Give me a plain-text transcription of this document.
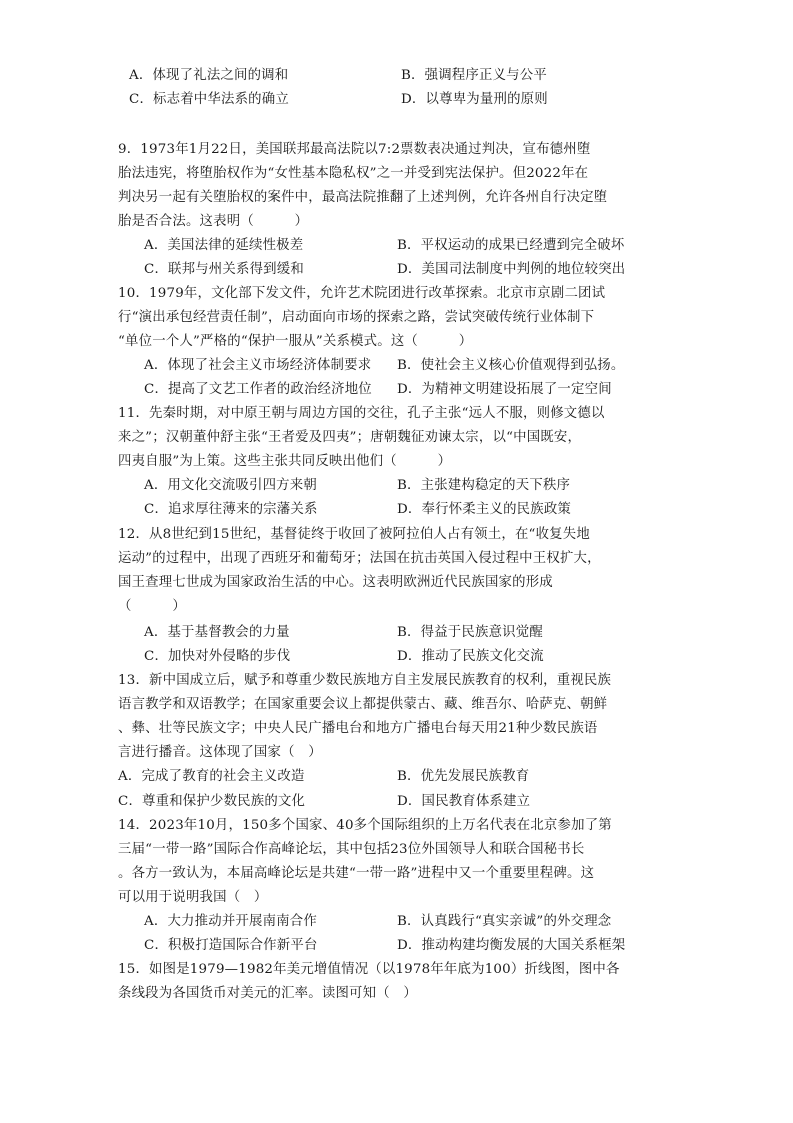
A．体现了礼法之间的调和	B．强调程序正义与公平
C．标志着中华法系的确立	D．以尊卑为量刑的原则
9．1973年1月22日，美国联邦最高法院以7:2票数表决通过判决，宣布德州堕
胎法违宪，将堕胎权作为“女性基本隐私权”之一并受到宪法保护。但2022年在
判决另一起有关堕胎权的案件中，最高法院推翻了上述判例，允许各州自行决定堕
胎是否合法。这表明（　　　）
A．美国法律的延续性极差	B．平权运动的成果已经遭到完全破坏
C．联邦与州关系得到缓和	D．美国司法制度中判例的地位较突出
10．1979年，文化部下发文件，允许艺术院团进行改革探索。北京市京剧二团试
行“演出承包经营责任制”，启动面向市场的探索之路，尝试突破传统行业体制下
“单位一个人”严格的“保护一服从”关系模式。这（　　　）
A．体现了社会主义市场经济体制要求 B．使社会主义核心价值观得到弘扬。
C．提高了文艺工作者的政治经济地位 D．为精神文明建设拓展了一定空间
11．先秦时期，对中原王朝与周边方国的交往，孔子主张“远人不服，则修文德以
来之”；汉朝董仲舒主张“王者爱及四夷”；唐朝魏征劝谏太宗，以“中国既安，
四夷自服”为上策。这些主张共同反映出他们（　　　）
A．用文化交流吸引四方来朝	B．主张建构稳定的天下秩序
C．追求厚往薄来的宗藩关系	D．奉行怀柔主义的民族政策
12．从8世纪到15世纪，基督徒终于收回了被阿拉伯人占有领土，在“收复失地
运动”的过程中，出现了西班牙和葡萄牙；法国在抗击英国入侵过程中王权扩大，
国王查理七世成为国家政治生活的中心。这表明欧洲近代民族国家的形成
（　　　）
A．基于基督教会的力量	B．得益于民族意识觉醒
C．加快对外侵略的步伐	D．推动了民族文化交流
13．新中国成立后，赋予和尊重少数民族地方自主发展民族教育的权利，重视民族
语言教学和双语教学；在国家重要会议上都提供蒙古、藏、维吾尔、哈萨克、朝鲜
、彝、壮等民族文字；中央人民广播电台和地方广播电台每天用21种少数民族语
言进行播音。这体现了国家（　）
A．完成了教育的社会主义改造	B．优先发展民族教育
C．尊重和保护少数民族的文化	D．国民教育体系建立
14．2023年10月，150多个国家、40多个国际组织的上万名代表在北京参加了第
三届“一带一路”国际合作高峰论坛，其中包括23位外国领导人和联合国秘书长
。各方一致认为，本届高峰论坛是共建“一带一路”进程中又一个重要里程碑。这
可以用于说明我国（　）
A．大力推动并开展南南合作	B．认真践行“真实亲诚”的外交理念
C．积极打造国际合作新平台	D．推动构建均衡发展的大国关系框架
15．如图是1979—1982年美元增值情况（以1978年年底为100）折线图，图中各
条线段为各国货币对美元的汇率。读图可知（　）
